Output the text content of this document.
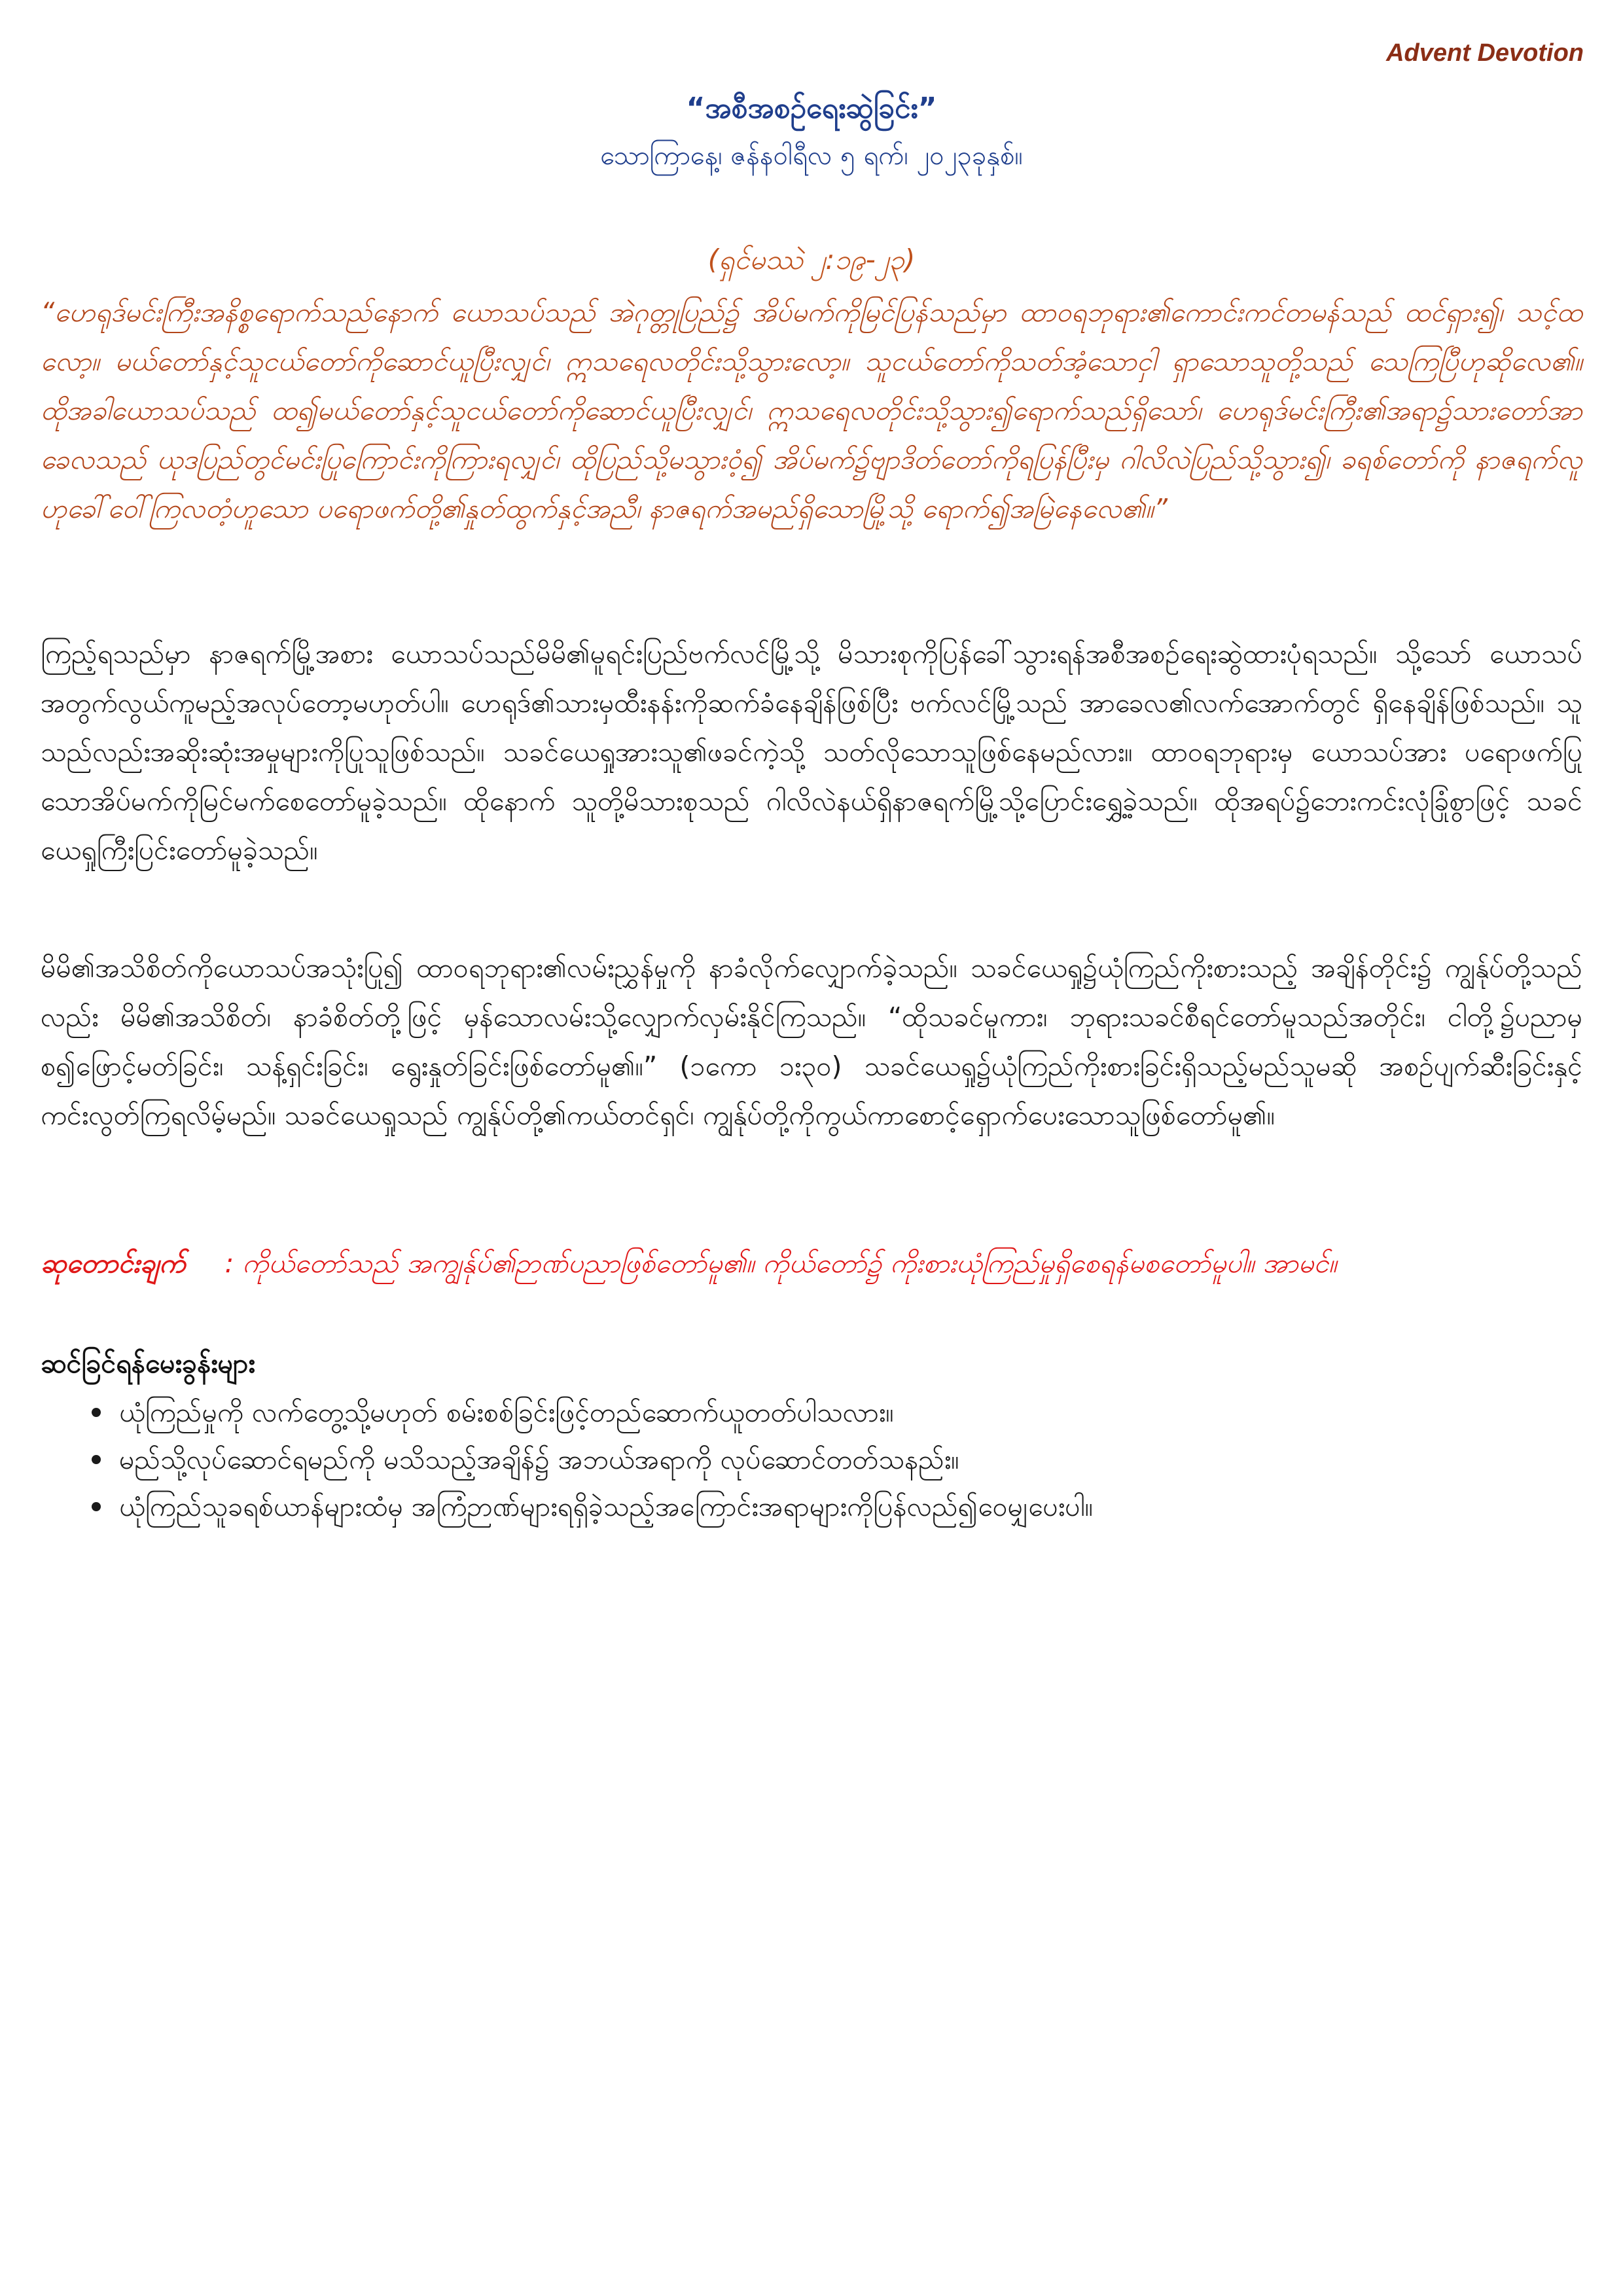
Advent Devotion
“အစီအစဉ်ရေးဆွဲခြင်း”
သောကြာနေ့၊ ဇန်နဝါရီလ ၅ ရက်၊ ၂၀၂၃ခုနှစ်။
(ရှင်မဿဲ ၂:၁၉-၂၃)
“ဟေရုဒ်မင်းကြီးအနိစ္စရောက်သည်နောက် ယောသပ်သည် အဲဂုတ္တုပြည်၌ အိပ်မက်ကိုမြင်ပြန်သည်မှာ ထာဝရဘုရား၏ကောင်းကင်တမန်သည် ထင်ရှား၍၊ သင့်ထလော့။ မယ်တော်နှင့်သူငယ်တော်ကိုဆောင်ယူပြီးလျှင်၊ ဣသရေလတိုင်းသို့သွားလော့။ သူငယ်တော်ကိုသတ်အံ့သောငှါ ရှာသောသူတို့သည် သေကြပြီဟုဆိုလေ၏။ ထိုအခါယောသပ်သည် ထ၍မယ်တော်နှင့်သူငယ်တော်ကိုဆောင်ယူပြီးလျှင်၊ ဣသရေလတိုင်းသို့သွား၍ရောက်သည်ရှိသော်၊ ဟေရုဒ်မင်းကြီး၏အရာ၌သားတော်အာခေလသည် ယုဒပြည်တွင်မင်းပြုကြောင်းကိုကြားရလျှင်၊ ထိုပြည်သို့မသွားဝံ့၍ အိပ်မက်၌ဗျာဒိတ်တော်ကိုရပြန်ပြီးမှ ဂါလိလဲပြည်သို့သွား၍၊ ခရစ်တော်ကို နာဇရက်လူဟုခေါ်ဝေါ်ကြလတံ့ဟူသော ပရောဖက်တို့၏နှုတ်ထွက်နှင့်အညီ၊ နာဇရက်အမည်ရှိသောမြို့သို့ ရောက်၍အမြဲနေလေ၏။”
ကြည့်ရသည်မှာ နာဇရက်မြို့အစား ယောသပ်သည်မိမိ၏မူရင်းပြည်ဗက်လင်မြို့သို့ မိသားစုကိုပြန်ခေါ်သွားရန်အစီအစဉ်ရေးဆွဲထားပုံရသည်။ သို့သော် ယောသပ်အတွက်လွယ်ကူမည့်အလုပ်တော့မဟုတ်ပါ။ ဟေရုဒ်၏သားမှထီးနန်းကိုဆက်ခံနေချိန်ဖြစ်ပြီး ဗက်လင်မြို့သည် အာခေလ၏လက်အောက်တွင် ရှိနေချိန်ဖြစ်သည်။ သူသည်လည်းအဆိုးဆုံးအမှုများကိုပြုသူဖြစ်သည်။ သခင်ယေရှုအားသူ၏ဖခင်ကဲ့သို့ သတ်လိုသောသူဖြစ်နေမည်လား။ ထာဝရဘုရားမှ ယောသပ်အား ပရောဖက်ပြုသောအိပ်မက်ကိုမြင်မက်စေတော်မူခဲ့သည်။ ထိုနောက် သူတို့မိသားစုသည် ဂါလိလဲနယ်ရှိနာဇရက်မြို့သို့ပြောင်းရွှေ့ခဲ့သည်။ ထိုအရပ်၌ဘေးကင်းလုံခြုံစွာဖြင့် သခင်ယေရှုကြီးပြင်းတော်မူခဲ့သည်။
မိမိ၏အသိစိတ်ကိုယောသပ်အသုံးပြု၍ ထာဝရဘုရား၏လမ်းညွှန်မှုကို နာခံလိုက်လျှောက်ခဲ့သည်။ သခင်ယေရှု၌ယုံကြည်ကိုးစားသည့် အချိန်တိုင်း၌ ကျွန်ုပ်တို့သည်လည်း မိမိ၏အသိစိတ်၊ နာခံစိတ်တို့ဖြင့် မှန်သောလမ်းသို့လျှောက်လှမ်းနိုင်ကြသည်။ “ထိုသခင်မူကား၊ ဘုရားသခင်စီရင်တော်မူသည်အတိုင်း၊ ငါတို့၌ပညာမှစ၍ဖြောင့်မတ်ခြင်း၊ သန့်ရှင်းခြင်း၊ ရွေးနှုတ်ခြင်းဖြစ်တော်မူ၏။” (၁ကော ၁း၃၀) သခင်ယေရှု၌ယုံကြည်ကိုးစားခြင်းရှိသည့်မည်သူမဆို အစဉ်ပျက်ဆီးခြင်းနှင့်ကင်းလွတ်ကြရလိမ့်မည်။ သခင်ယေရှုသည် ကျွန်ုပ်တို့၏ကယ်တင်ရှင်၊ ကျွန်ုပ်တို့ကိုကွယ်ကာစောင့်ရှောက်ပေးသောသူဖြစ်တော်မူ၏။
ဆုတောင်းချက် : ကိုယ်တော်သည် အကျွန်ုပ်၏ဉာဏ်ပညာဖြစ်တော်မူ၏။ ကိုယ်တော်၌ ကိုးစားယုံကြည်မှုရှိစေရန်မစတော်မူပါ။ အာမင်။
ဆင်ခြင်ရန်မေးခွန်းများ
ယုံကြည်မှုကို လက်တွေ့သို့မဟုတ် စမ်းစစ်ခြင်းဖြင့်တည်ဆောက်ယူတတ်ပါသလား။
မည်သို့လုပ်ဆောင်ရမည်ကို မသိသည့်အချိန်၌ အဘယ်အရာကို လုပ်ဆောင်တတ်သနည်း။
ယုံကြည်သူခရစ်ယာန်များထံမှ အကြံဉာဏ်များရရှိခဲ့သည့်အကြောင်းအရာများကိုပြန်လည်၍ဝေမျှပေးပါ။
